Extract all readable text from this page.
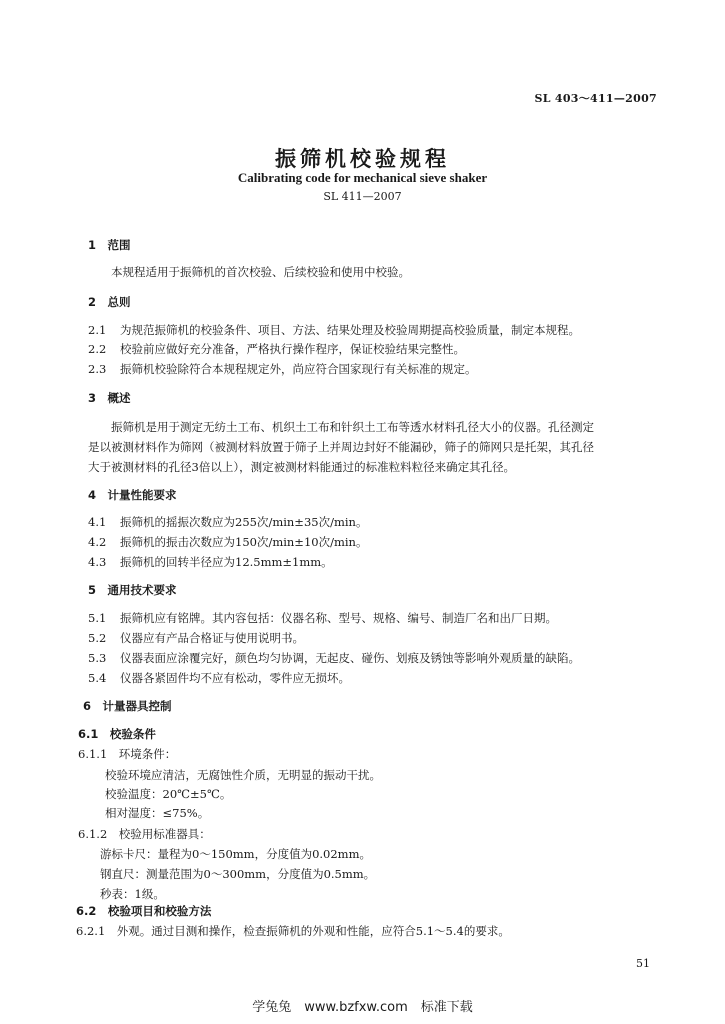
SL 403～411—2007
振筛机校验规程
Calibrating code for mechanical sieve shaker
SL 411—2007
1　范围
本规程适用于振筛机的首次校验、后续校验和使用中校验。
2　总则
2.1 为规范振筛机的校验条件、项目、方法、结果处理及校验周期提高校验质量，制定本规程。
2.2 校验前应做好充分准备，严格执行操作程序，保证校验结果完整性。
2.3 振筛机校验除符合本规程规定外，尚应符合国家现行有关标准的规定。
3　概述
振筛机是用于测定无纺土工布、机织土工布和针织土工布等透水材料孔径大小的仪器。孔径测定
是以被测材料作为筛网（被测材料放置于筛子上并周边封好不能漏砂，筛子的筛网只是托架，其孔径
大于被测材料的孔径3倍以上），测定被测材料能通过的标准粒料粒径来确定其孔径。
4　计量性能要求
4.1 振筛机的摇振次数应为255次/min±35次/min。
4.2 振筛机的振击次数应为150次/min±10次/min。
4.3 振筛机的回转半径应为12.5mm±1mm。
5　通用技术要求
5.1 振筛机应有铭牌。其内容包括：仪器名称、型号、规格、编号、制造厂名和出厂日期。
5.2 仪器应有产品合格证与使用说明书。
5.3 仪器表面应涂覆完好，颜色均匀协调，无起皮、碰伤、划痕及锈蚀等影响外观质量的缺陷。
5.4 仪器各紧固件均不应有松动，零件应无损坏。
6　计量器具控制
6.1　校验条件
6.1.1　环境条件：
校验环境应清洁，无腐蚀性介质，无明显的振动干扰。
校验温度：20℃±5℃。
相对湿度：≤75%。
6.1.2　校验用标准器具：
游标卡尺：量程为0～150mm，分度值为0.02mm。
钢直尺：测量范围为0～300mm，分度值为0.5mm。
秒表：1级。
6.2　校验项目和校验方法
6.2.1　外观。通过目测和操作，检查振筛机的外观和性能，应符合5.1～5.4的要求。
51
学兔兔　www.bzfxw.com　标准下载
